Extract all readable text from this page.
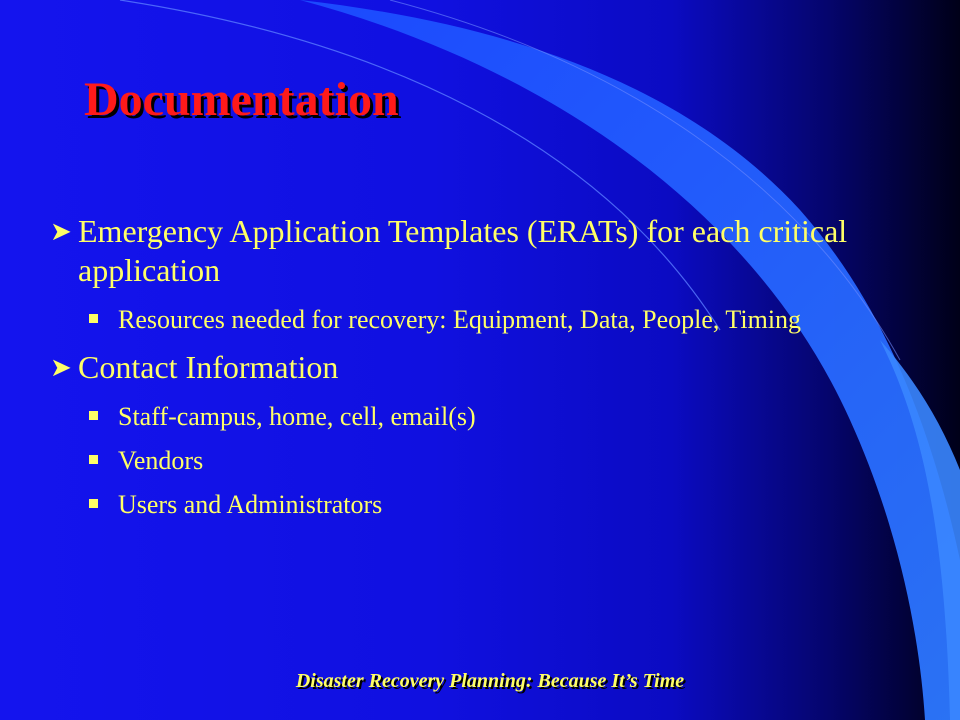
Documentation
➤ Emergency Application Templates (ERATs) for each critical application
Resources needed for recovery: Equipment, Data, People, Timing
➤ Contact Information
Staff-campus, home, cell, email(s)
Vendors
Users and Administrators
Disaster Recovery Planning: Because It’s Time
